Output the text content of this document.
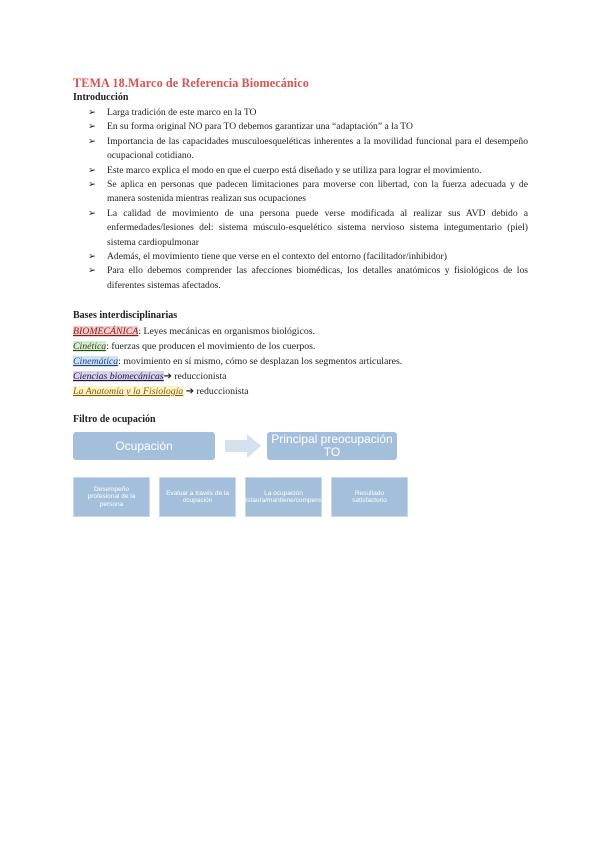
TEMA 18.Marco de Referencia Biomecánico
Introducción
➢ Larga tradición de este marco en la TO
➢ En su forma original NO para TO debemos garantizar una “adaptación” a la TO
➢ Importancia de las capacidades musculoesqueléticas inherentes a la movilidad funcional para el desempeño ocupacional cotidiano.
➢ Este marco explica el modo en que el cuerpo está diseñado y se utiliza para lograr el movimiento.
➢ Se aplica en personas que padecen limitaciones para moverse con libertad, con la fuerza adecuada y de manera sostenida mientras realizan sus ocupaciones
➢ La calidad de movimiento de una persona puede verse modificada al realizar sus AVD debido a enfermedades/lesiones del: sistema músculo-esquelético sistema nervioso sistema integumentario (piel) sistema cardiopulmonar
➢ Además, el movimiento tiene que verse en el contexto del entorno (facilitador/inhibidor)
➢ Para ello debemos comprender las afecciones biomédicas, los detalles anatómicos y fisiológicos de los diferentes sistemas afectados.
Bases interdisciplinarias
BIOMECÁNICA: Leyes mecánicas en organismos biológicos.
Cinética: fuerzas que producen el movimiento de los cuerpos.
Cinemática: movimiento en sí mismo, cómo se desplazan los segmentos articulares.
Ciencias biomecánicas➔ reduccionista
La Anatomía y la Fisiología ➔ reduccionista
Filtro de ocupación
Ocupación	Principal preocupación TO
Desempeño profesional de la persona
Evaluar a través de la ocupación
La ocupación restaura/mantiene/compensa
Resultado satisfactorio
